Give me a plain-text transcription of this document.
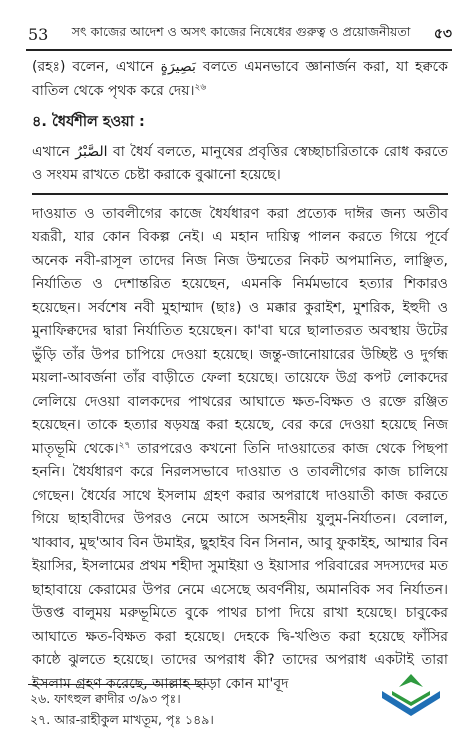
53	সৎ কাজের আদেশ ও অসৎ কাজের নিষেধের গুরুত্ব ও প্রয়োজনীয়তা	৫৩

(রহঃ) বলেন, এখানে بَصِيرَةٍ বলতে এমনভাবে জ্ঞানার্জন করা, যা হক্বকে বাতিল থেকে পৃথক করে দেয়।$^{২৬}$

৪. ধৈর্যশীল হওয়া :

এখানে الصَّبْرُ বা ধৈর্য বলতে, মানুষের প্রবৃত্তির স্বেচ্ছাচারিতাকে রোধ করতে ও সংযম রাখতে চেষ্টা করাকে বুঝানো হয়েছে।

দাওয়াত ও তাবলীগের কাজে ধৈর্যধারণ করা প্রত্যেক দাঈর জন্য অতীব যরূরী, যার কোন বিকল্প নেই। এ মহান দায়িত্ব পালন করতে গিয়ে পূর্বে অনেক নবী-রাসূল তাদের নিজ নিজ উম্মতের নিকট অপমানিত, লাঞ্ছিত, নির্যাতিত ও দেশান্তরিত হয়েছেন, এমনকি নির্মমভাবে হত্যার শিকারও হয়েছেন। সর্বশেষ নবী মুহাম্মাদ (ছাঃ) ও মক্কার কুরাইশ, মুশরিক, ইহুদী ও মুনাফিক্বদের দ্বারা নির্যাতিত হয়েছেন। কা'বা ঘরে ছালাতরত অবস্থায় উটের ভুঁড়ি তাঁর উপর চাপিয়ে দেওয়া হয়েছে। জন্তু-জানোয়ারের উচ্ছিষ্ট ও দুর্গন্ধ ময়লা-আবর্জনা তাঁর বাড়ীতে ফেলা হয়েছে। তায়েফে উগ্র কপট লোকদের লেলিয়ে দেওয়া বালকদের পাথরের আঘাতে ক্ষত-বিক্ষত ও রক্তে রঞ্জিত হয়েছেন। তাকে হত্যার ষড়যন্ত্র করা হয়েছে, বের করে দেওয়া হয়েছে নিজ মাতৃভূমি থেকে।$^{২৭}$ তারপরেও কখনো তিনি দাওয়াতের কাজ থেকে পিছপা হননি। ধৈর্যধারণ করে নিরলসভাবে দাওয়াত ও তাবলীগের কাজ চালিয়ে গেছেন। ধৈর্যের সাথে ইসলাম গ্রহণ করার অপরাধে দাওয়াতী কাজ করতে গিয়ে ছাহাবীদের উপরও নেমে আসে অসহনীয় যুলুম-নির্যাতন। বেলাল, খাব্বাব, মুছ'আব বিন উমাইর, ছুহাইব বিন সিনান, আবু ফুকাইহ, আম্মার বিন ইয়াসির, ইসলামের প্রথম শহীদা সুমাইয়া ও ইয়াসার পরিবারের সদস্যদের মত ছাহাবায়ে কেরামের উপর নেমে এসেছে অবর্ণনীয়, অমানবিক সব নির্যাতন। উত্তপ্ত বালুময় মরুভূমিতে বুকে পাথর চাপা দিয়ে রাখা হয়েছে। চাবুকের আঘাতে ক্ষত-বিক্ষত করা হয়েছে। দেহকে দ্বি-খণ্ডিত করা হয়েছে ফাঁসির কাষ্ঠে ঝুলতে হয়েছে। তাদের অপরাধ কী? তাদের অপরাধ একটাই তারা ইসলাম গ্রহণ করেছে, আল্লাহ ছাড়া কোন মা'বূদ

২৬. ফাৎহুল ক্বাদীর ৩/৯৩ পৃঃ।
২৭. আর-রাহীকুল মাখতূম, পৃঃ ১৪৯।
